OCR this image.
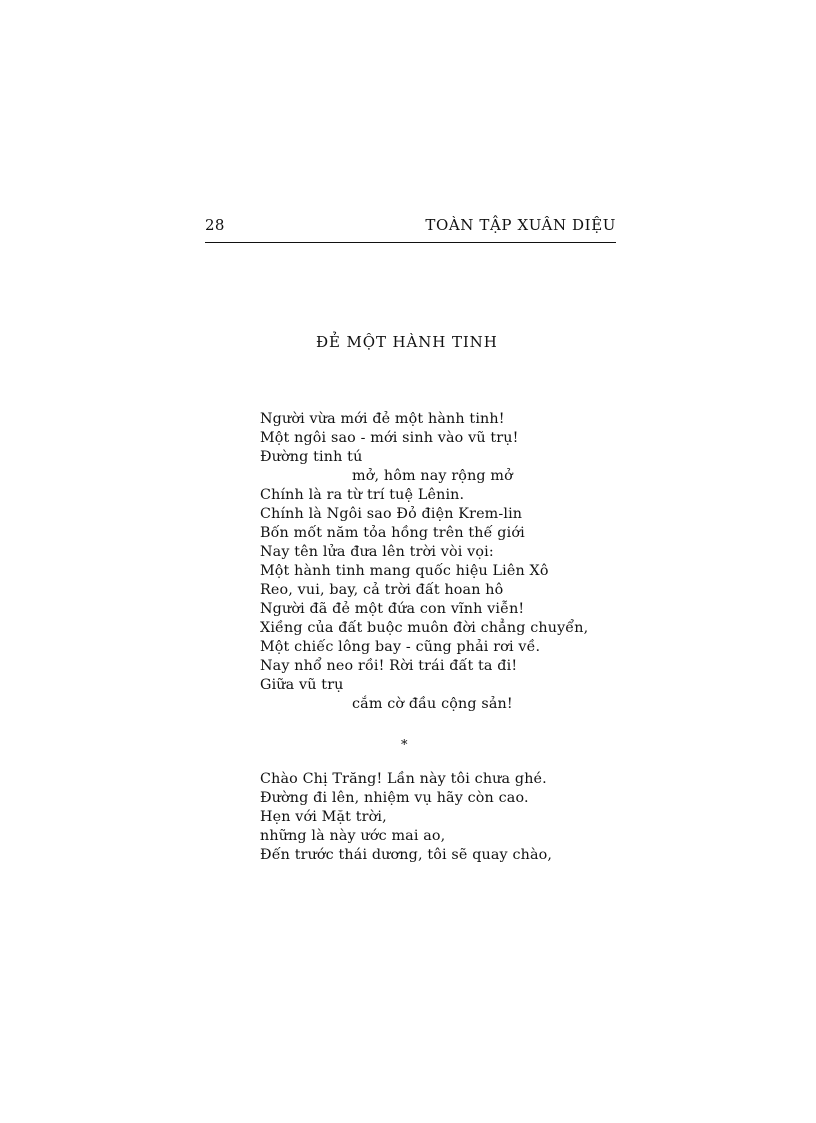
28	TOÀN TẬP XUÂN DIỆU
ĐẺ MỘT HÀNH TINH
Người vừa mới đẻ một hành tinh!
Một ngôi sao - mới sinh vào vũ trụ!
Đường tinh tú
mở, hôm nay rộng mở
Chính là ra từ trí tuệ Lênin.
Chính là Ngôi sao Đỏ điện Krem-lin
Bốn mốt năm tỏa hồng trên thế giới
Nay tên lửa đưa lên trời vòi vọi:
Một hành tinh mang quốc hiệu Liên Xô
Reo, vui, bay, cả trời đất hoan hô
Người đã đẻ một đứa con vĩnh viễn!
Xiềng của đất buộc muôn đời chẳng chuyển,
Một chiếc lông bay - cũng phải rơi về.
Nay nhổ neo rồi! Rời trái đất ta đi!
Giữa vũ trụ
cắm cờ đầu cộng sản!
*
Chào Chị Trăng! Lần này tôi chưa ghé.
Đường đi lên, nhiệm vụ hãy còn cao.
Hẹn với Mặt trời,
những là này ước mai ao,
Đến trước thái dương, tôi sẽ quay chào,
